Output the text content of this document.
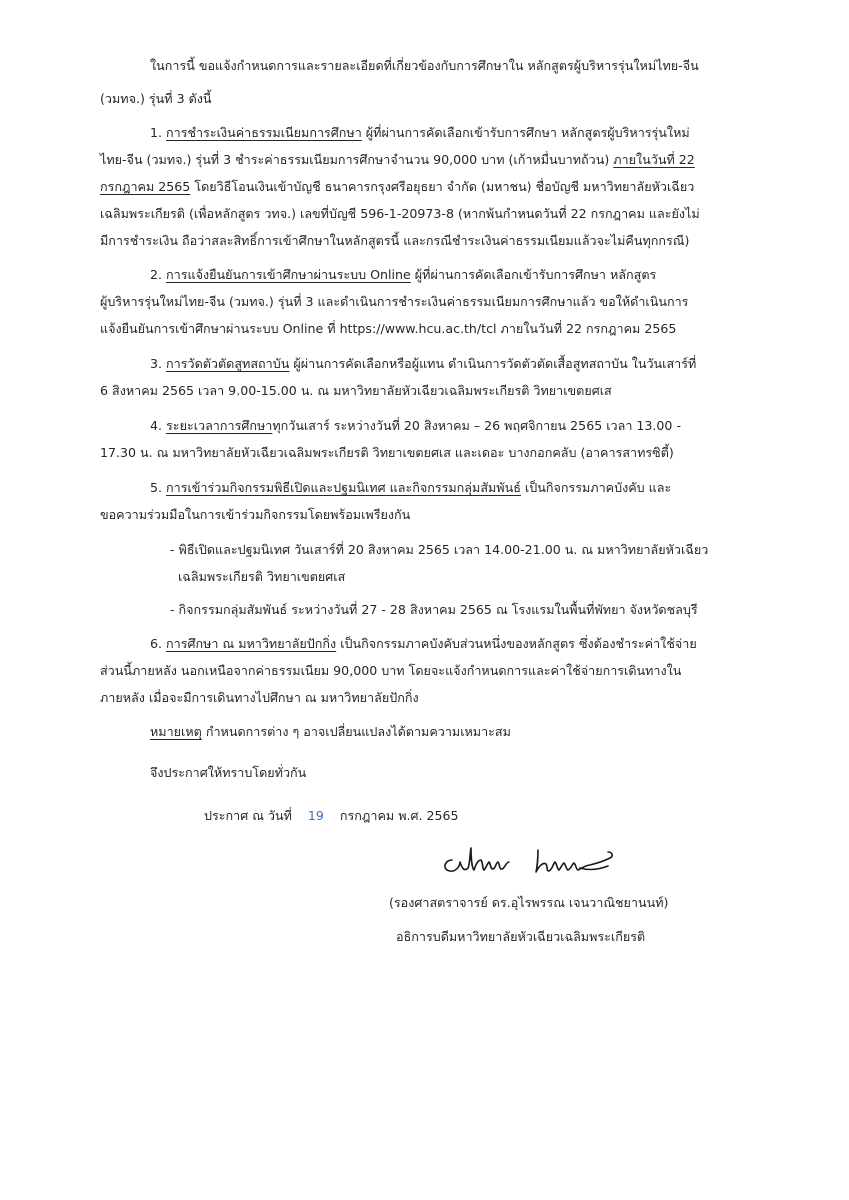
ในการนี้ ขอแจ้งกำหนดการและรายละเอียดที่เกี่ยวข้องกับการศึกษาใน หลักสูตรผู้บริหารรุ่นใหม่ไทย-จีน
(วมทจ.) รุ่นที่ 3 ดังนี้
1. การชำระเงินค่าธรรมเนียมการศึกษา ผู้ที่ผ่านการคัดเลือกเข้ารับการศึกษา หลักสูตรผู้บริหารรุ่นใหม่
ไทย-จีน (วมทจ.) รุ่นที่ 3 ชำระค่าธรรมเนียมการศึกษาจำนวน 90,000 บาท (เก้าหมื่นบาทถ้วน) ภายในวันที่ 22
กรกฎาคม 2565 โดยวิธีโอนเงินเข้าบัญชี ธนาคารกรุงศรีอยุธยา จำกัด (มหาชน) ชื่อบัญชี มหาวิทยาลัยหัวเฉียว
เฉลิมพระเกียรติ (เพื่อหลักสูตร วทจ.) เลขที่บัญชี 596-1-20973-8 (หากพ้นกำหนดวันที่ 22 กรกฎาคม และยังไม่
มีการชำระเงิน ถือว่าสละสิทธิ์การเข้าศึกษาในหลักสูตรนี้ และกรณีชำระเงินค่าธรรมเนียมแล้วจะไม่คืนทุกกรณี)
2. การแจ้งยืนยันการเข้าศึกษาผ่านระบบ Online ผู้ที่ผ่านการคัดเลือกเข้ารับการศึกษา หลักสูตร
ผู้บริหารรุ่นใหม่ไทย-จีน (วมทจ.) รุ่นที่ 3 และดำเนินการชำระเงินค่าธรรมเนียมการศึกษาแล้ว ขอให้ดำเนินการ
แจ้งยืนยันการเข้าศึกษาผ่านระบบ Online ที่ https://www.hcu.ac.th/tcl ภายในวันที่ 22 กรกฎาคม 2565
3. การวัดตัวตัดสูทสถาบัน ผู้ผ่านการคัดเลือกหรือผู้แทน ดำเนินการวัดตัวตัดเสื้อสูทสถาบัน ในวันเสาร์ที่
6 สิงหาคม 2565 เวลา 9.00-15.00 น. ณ มหาวิทยาลัยหัวเฉียวเฉลิมพระเกียรติ วิทยาเขตยศเส
4. ระยะเวลาการศึกษาทุกวันเสาร์ ระหว่างวันที่ 20 สิงหาคม – 26 พฤศจิกายน 2565 เวลา 13.00 -
17.30 น. ณ มหาวิทยาลัยหัวเฉียวเฉลิมพระเกียรติ วิทยาเขตยศเส และเดอะ บางกอกคลับ (อาคารสาทรซิตี้)
5. การเข้าร่วมกิจกรรมพิธีเปิดและปฐมนิเทศ และกิจกรรมกลุ่มสัมพันธ์ เป็นกิจกรรมภาคบังคับ และ
ขอความร่วมมือในการเข้าร่วมกิจกรรมโดยพร้อมเพรียงกัน
- พิธีเปิดและปฐมนิเทศ วันเสาร์ที่ 20 สิงหาคม 2565 เวลา 14.00-21.00 น. ณ มหาวิทยาลัยหัวเฉียว
เฉลิมพระเกียรติ วิทยาเขตยศเส
- กิจกรรมกลุ่มสัมพันธ์ ระหว่างวันที่ 27 - 28 สิงหาคม 2565 ณ โรงแรมในพื้นที่พัทยา จังหวัดชลบุรี
6. การศึกษา ณ มหาวิทยาลัยปักกิ่ง เป็นกิจกรรมภาคบังคับส่วนหนึ่งของหลักสูตร ซึ่งต้องชำระค่าใช้จ่าย
ส่วนนี้ภายหลัง นอกเหนือจากค่าธรรมเนียม 90,000 บาท โดยจะแจ้งกำหนดการและค่าใช้จ่ายการเดินทางใน
ภายหลัง เมื่อจะมีการเดินทางไปศึกษา ณ มหาวิทยาลัยปักกิ่ง
หมายเหตุ กำหนดการต่าง ๆ อาจเปลี่ยนแปลงได้ตามความเหมาะสม
จึงประกาศให้ทราบโดยทั่วกัน
ประกาศ ณ วันที่ 19 กรกฎาคม พ.ศ. 2565
(รองศาสตราจารย์ ดร.อุไรพรรณ เจนวาณิชยานนท์)
อธิการบดีมหาวิทยาลัยหัวเฉียวเฉลิมพระเกียรติ
